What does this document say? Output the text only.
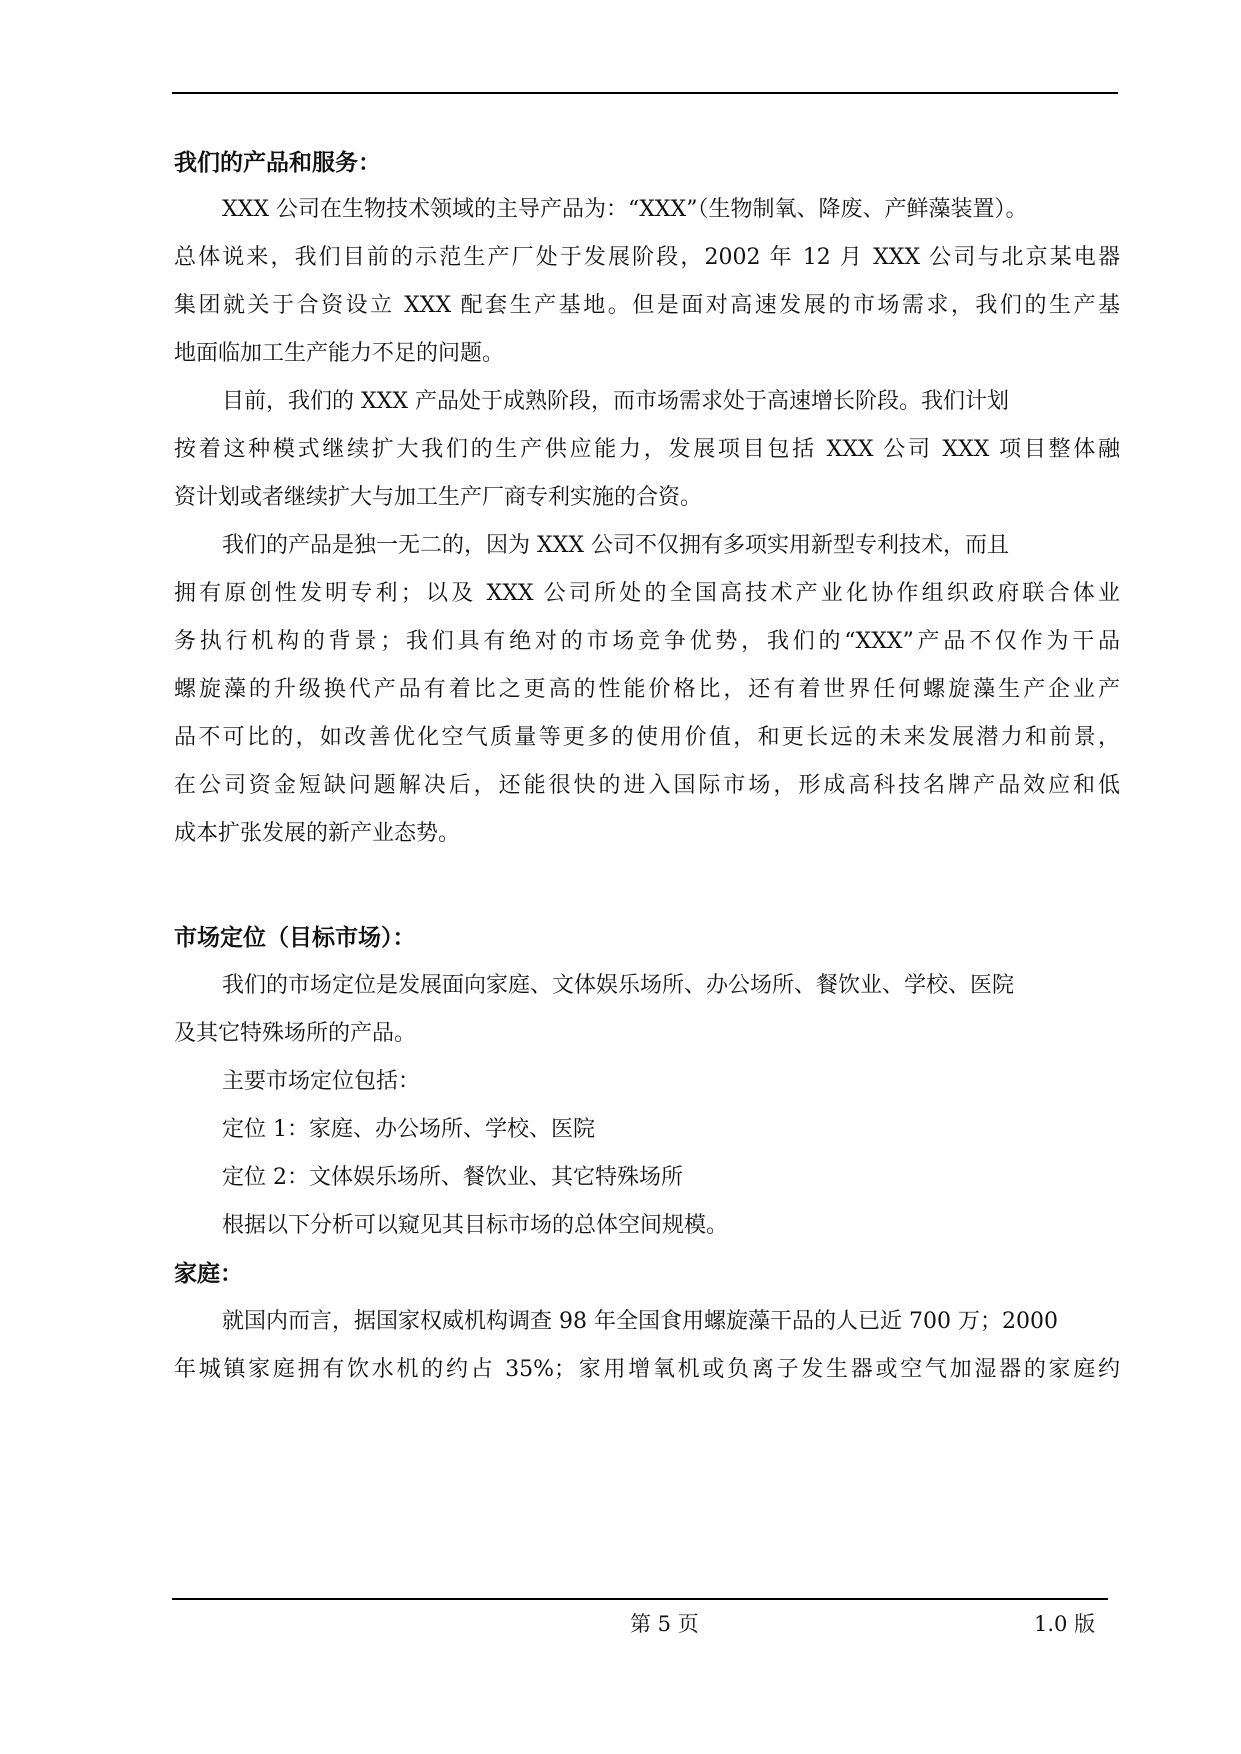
我们的产品和服务：

XXX 公司在生物技术领域的主导产品为：“XXX”（生物制氧、降废、产鲜藻装置）。

总体说来，我们目前的示范生产厂处于发展阶段，2002 年 12 月 XXX 公司与北京某电器

集团就关于合资设立 XXX 配套生产基地。但是面对高速发展的市场需求，我们的生产基

地面临加工生产能力不足的问题。

目前，我们的 XXX 产品处于成熟阶段，而市场需求处于高速增长阶段。我们计划

按着这种模式继续扩大我们的生产供应能力，发展项目包括 XXX 公司 XXX 项目整体融

资计划或者继续扩大与加工生产厂商专利实施的合资。

我们的产品是独一无二的，因为 XXX 公司不仅拥有多项实用新型专利技术，而且

拥有原创性发明专利；以及 XXX 公司所处的全国高技术产业化协作组织政府联合体业

务执行机构的背景；我们具有绝对的市场竞争优势，我们的“XXX”产品不仅作为干品

螺旋藻的升级换代产品有着比之更高的性能价格比，还有着世界任何螺旋藻生产企业产

品不可比的，如改善优化空气质量等更多的使用价值，和更长远的未来发展潜力和前景，

在公司资金短缺问题解决后，还能很快的进入国际市场，形成高科技名牌产品效应和低

成本扩张发展的新产业态势。

市场定位（目标市场）：

我们的市场定位是发展面向家庭、文体娱乐场所、办公场所、餐饮业、学校、医院

及其它特殊场所的产品。

主要市场定位包括：

定位 1：家庭、办公场所、学校、医院

定位 2：文体娱乐场所、餐饮业、其它特殊场所

根据以下分析可以窥见其目标市场的总体空间规模。

家庭：

就国内而言，据国家权威机构调查 98 年全国食用螺旋藻干品的人已近 700 万；2000

年城镇家庭拥有饮水机的约占 35%；家用增氧机或负离子发生器或空气加湿器的家庭约

第 5 页	1.0 版
